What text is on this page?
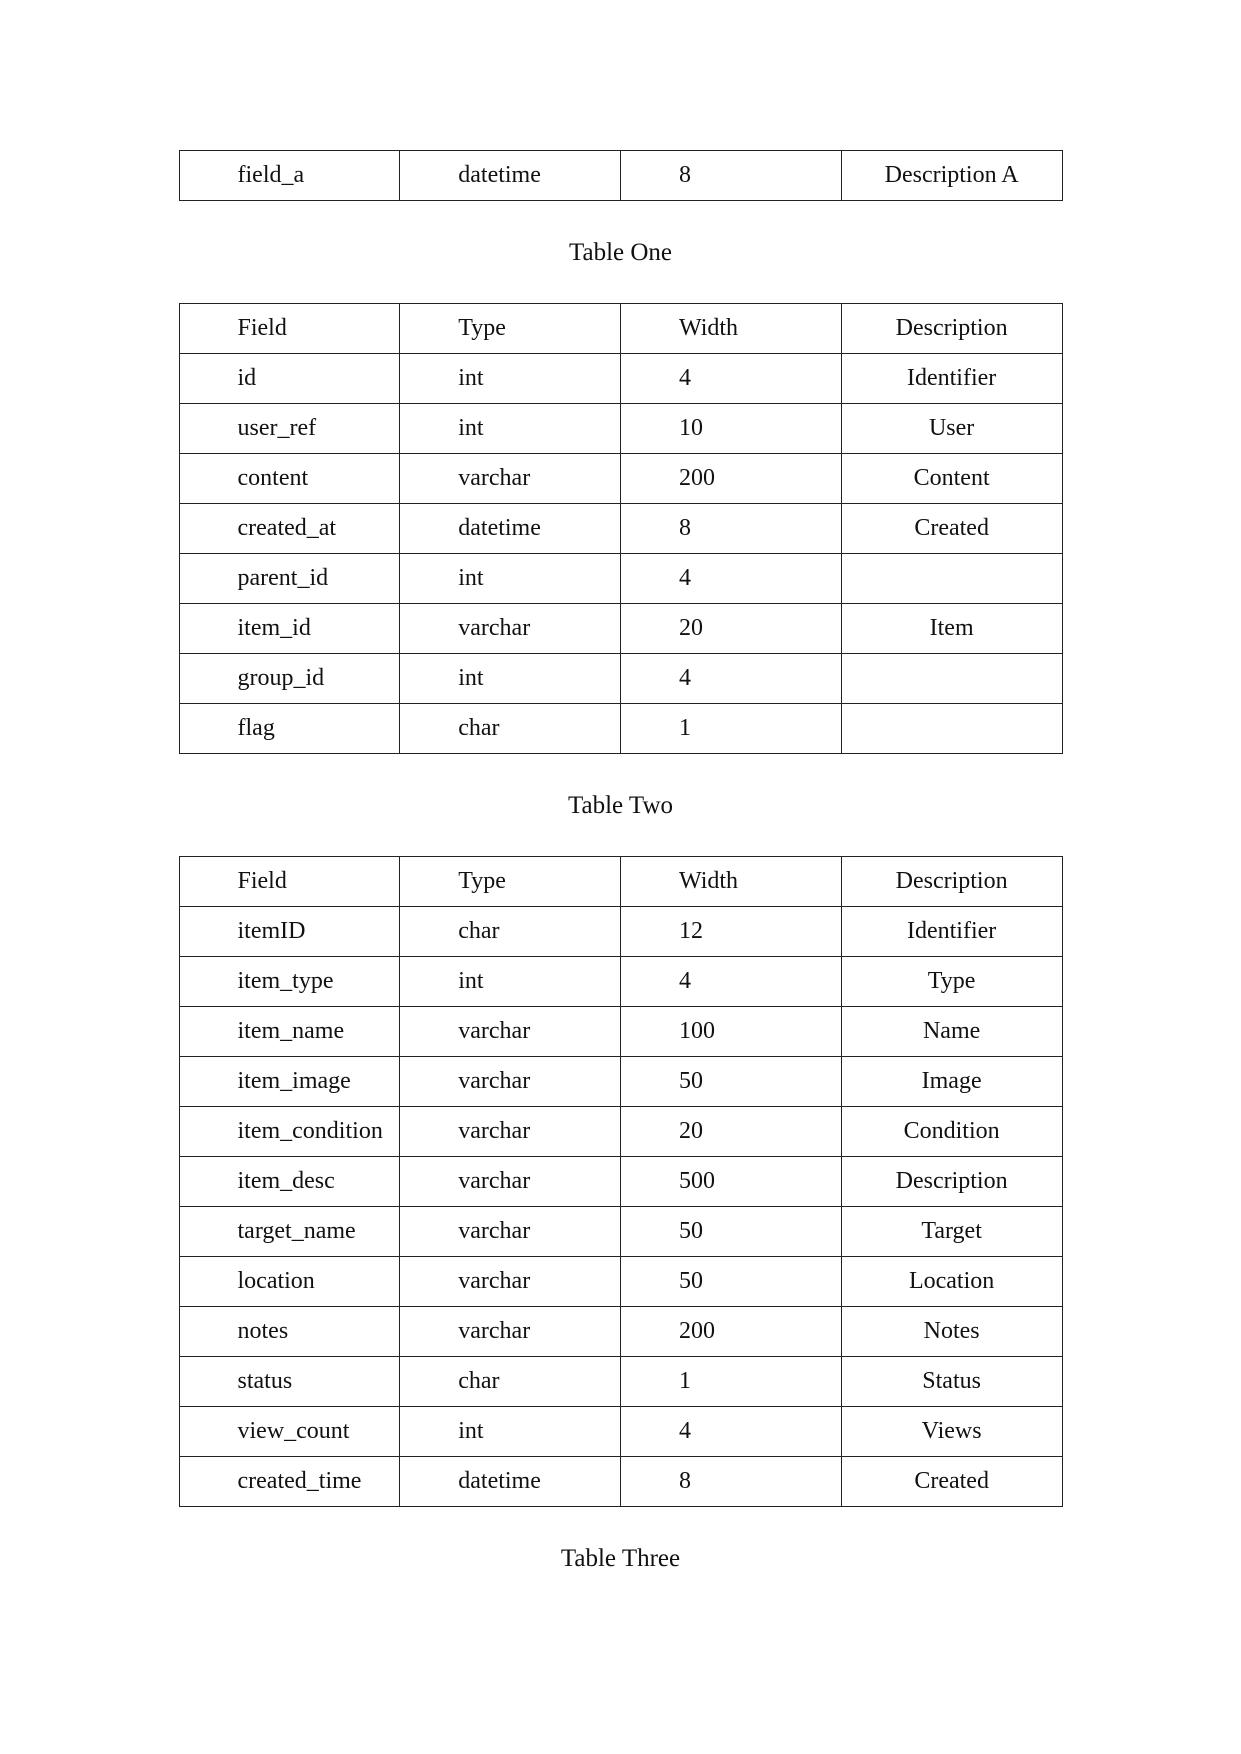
field_a	datetime	8	Description A

Table One

Field	Type	Width	Description
id	int	4	Identifier
user_ref	int	10	User
content	varchar	200	Content
created_at	datetime	8	Created
parent_id	int	4	
item_id	varchar	20	Item
group_id	int	4	
flag	char	1	

Table Two

Field	Type	Width	Description
itemID	char	12	Identifier
item_type	int	4	Type
item_name	varchar	100	Name
item_image	varchar	50	Image
item_condition	varchar	20	Condition
item_desc	varchar	500	Description
target_name	varchar	50	Target
location	varchar	50	Location
notes	varchar	200	Notes
status	char	1	Status
view_count	int	4	Views
created_time	datetime	8	Created

Table Three
